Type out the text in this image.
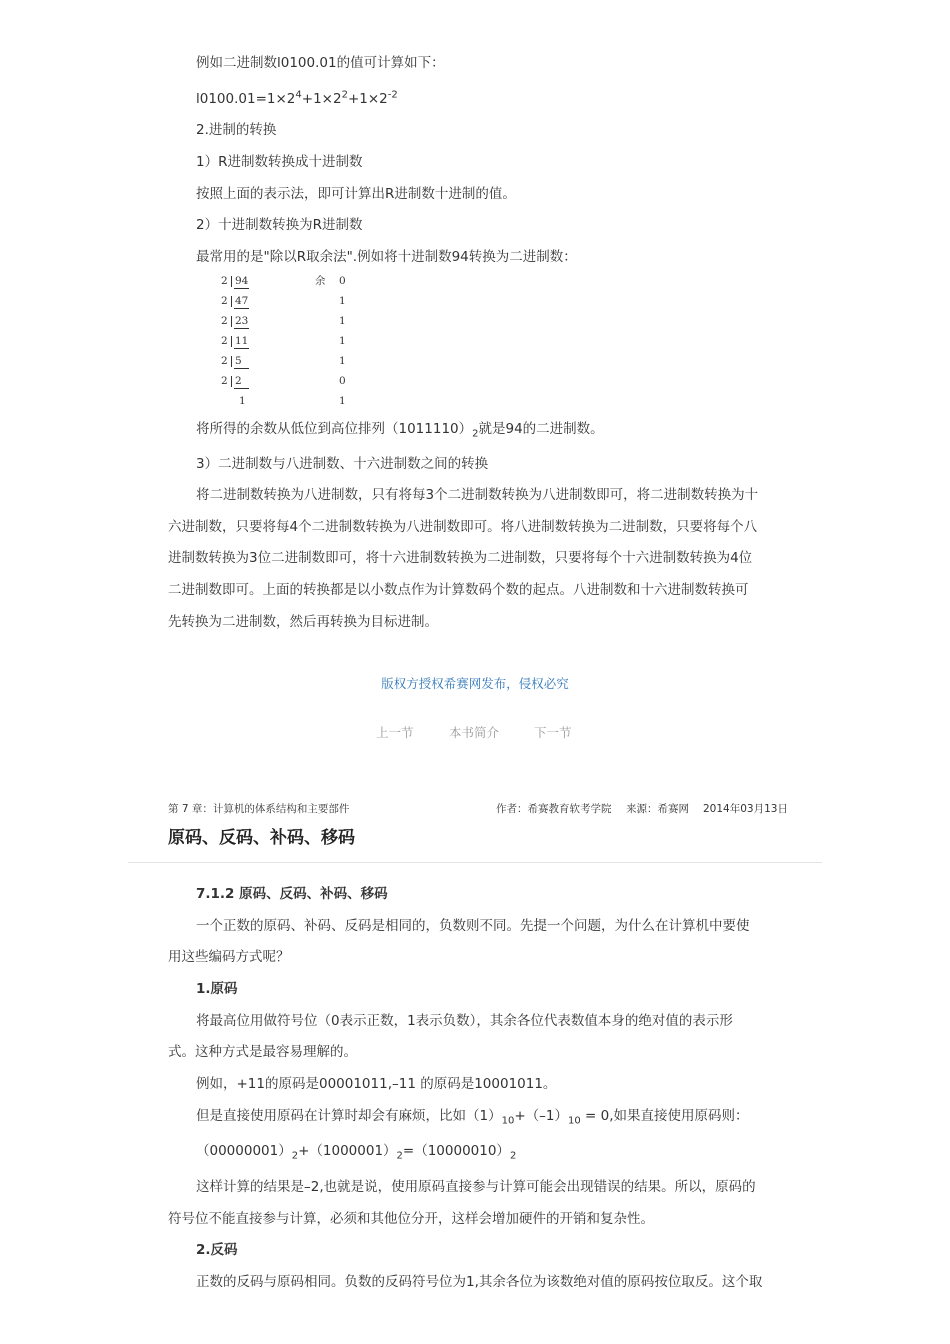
例如二进制数l0100.01的值可计算如下：
$l0100.01=1\times 2^4+1\times 2^2+1\times 2^{-2}$
2.进制的转换
1）R进制数转换成十进制数
按照上面的表示法，即可计算出R进制数十进制的值。
2）十进制数转换为R进制数
最常用的是"除以R取余法".例如将十进制数94转换为二进制数：
2 94	余 0
2 47	1
2 23	1
2 11	1
2 5	1
2 2	0
1	1
将所得的余数从低位到高位排列$(1011110)_2$就是94的二进制数。
3）二进制数与八进制数、十六进制数之间的转换
将二进制数转换为八进制数，只有将每3个二进制数转换为八进制数即可，将二进制数转换为十
六进制数，只要将每4个二进制数转换为八进制数即可。将八进制数转换为二进制数，只要将每个八
进制数转换为3位二进制数即可，将十六进制数转换为二进制数，只要将每个十六进制数转换为4位
二进制数即可。上面的转换都是以小数点作为计算数码个数的起点。八进制数和十六进制数转换可
先转换为二进制数，然后再转换为目标进制。
版权方授权希赛网发布，侵权必究
上一节	本书简介	下一节
第 7 章：计算机的体系结构和主要部件	作者：希赛教育软考学院 来源：希赛网 2014年03月13日
原码、反码、补码、移码
7.1.2 原码、反码、补码、移码
一个正数的原码、补码、反码是相同的，负数则不同。先提一个问题，为什么在计算机中要使
用这些编码方式呢？
1.原码
将最高位用做符号位（0表示正数，1表示负数），其余各位代表数值本身的绝对值的表示形
式。这种方式是最容易理解的。
例如，+11的原码是00001011,–11 的原码是10001011。
但是直接使用原码在计算时却会有麻烦，比如$(1)_{10}+(-1)_{10} = 0$,如果直接使用原码则：
$(00000001)_2+(1000001)_2=(10000010)_2$
这样计算的结果是–2,也就是说，使用原码直接参与计算可能会出现错误的结果。所以，原码的
符号位不能直接参与计算，必须和其他位分开，这样会增加硬件的开销和复杂性。
2.反码
正数的反码与原码相同。负数的反码符号位为1,其余各位为该数绝对值的原码按位取反。这个取
